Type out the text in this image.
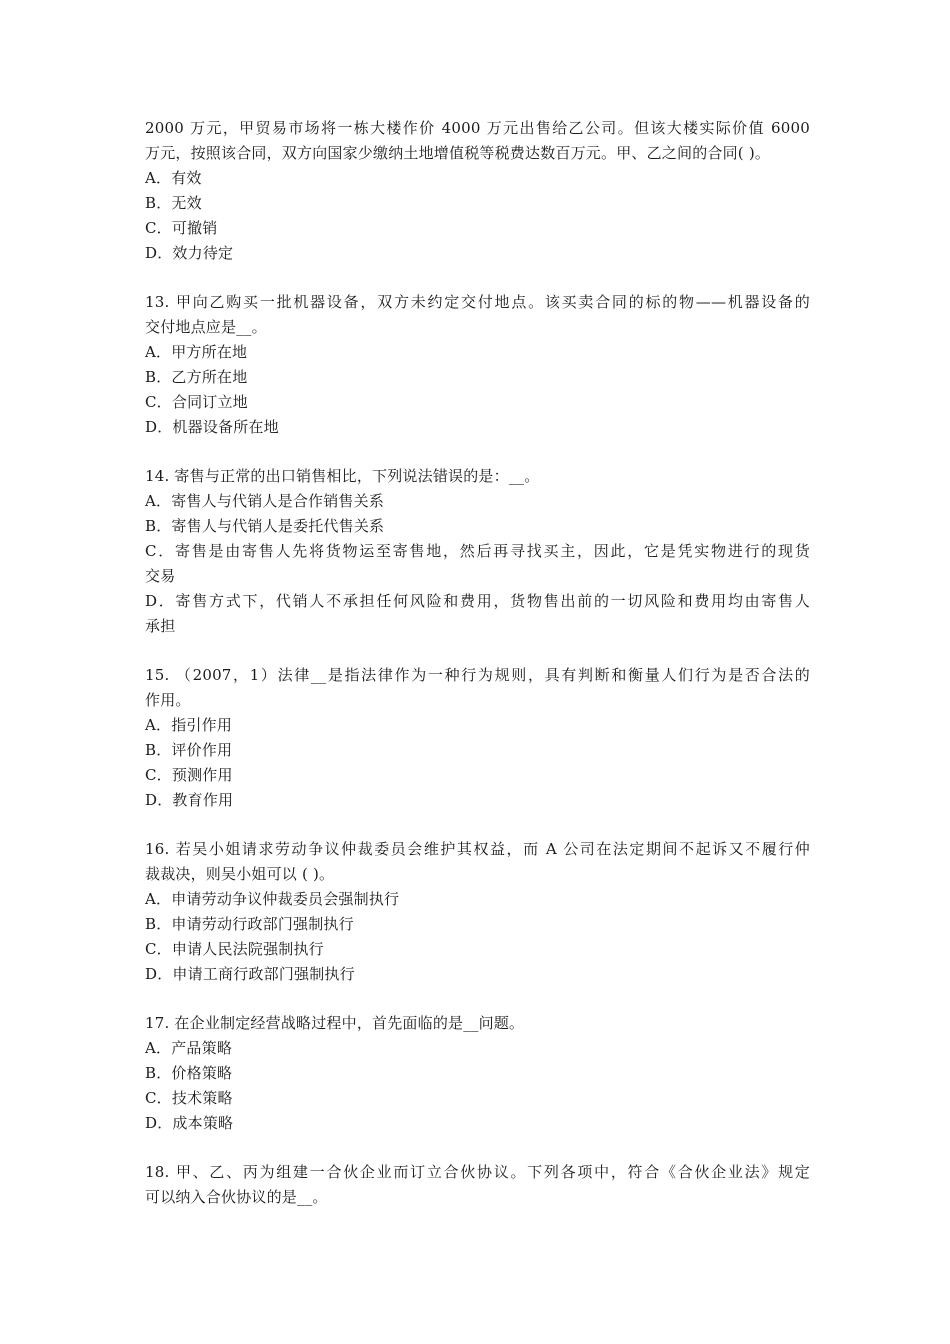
2000 万元，甲贸易市场将一栋大楼作价 4000 万元出售给乙公司。但该大楼实际价值 6000
万元，按照该合同，双方向国家少缴纳土地增值税等税费达数百万元。甲、乙之间的合同( )。
A．有效
B．无效
C．可撤销
D．效力待定
13. 甲向乙购买一批机器设备，双方未约定交付地点。该买卖合同的标的物——机器设备的
交付地点应是__。
A．甲方所在地
B．乙方所在地
C．合同订立地
D．机器设备所在地
14. 寄售与正常的出口销售相比，下列说法错误的是：__。
A．寄售人与代销人是合作销售关系
B．寄售人与代销人是委托代售关系
C．寄售是由寄售人先将货物运至寄售地，然后再寻找买主，因此，它是凭实物进行的现货
交易
D．寄售方式下，代销人不承担任何风险和费用，货物售出前的一切风险和费用均由寄售人
承担
15. （2007，1）法律__是指法律作为一种行为规则，具有判断和衡量人们行为是否合法的
作用。
A．指引作用
B．评价作用
C．预测作用
D．教育作用
16. 若吴小姐请求劳动争议仲裁委员会维护其权益，而 A 公司在法定期间不起诉又不履行仲
裁裁决，则吴小姐可以 ( )。
A．申请劳动争议仲裁委员会强制执行
B．申请劳动行政部门强制执行
C．申请人民法院强制执行
D．申请工商行政部门强制执行
17. 在企业制定经营战略过程中，首先面临的是__问题。
A．产品策略
B．价格策略
C．技术策略
D．成本策略
18. 甲、乙、丙为组建一合伙企业而订立合伙协议。下列各项中，符合《合伙企业法》规定
可以纳入合伙协议的是__。
